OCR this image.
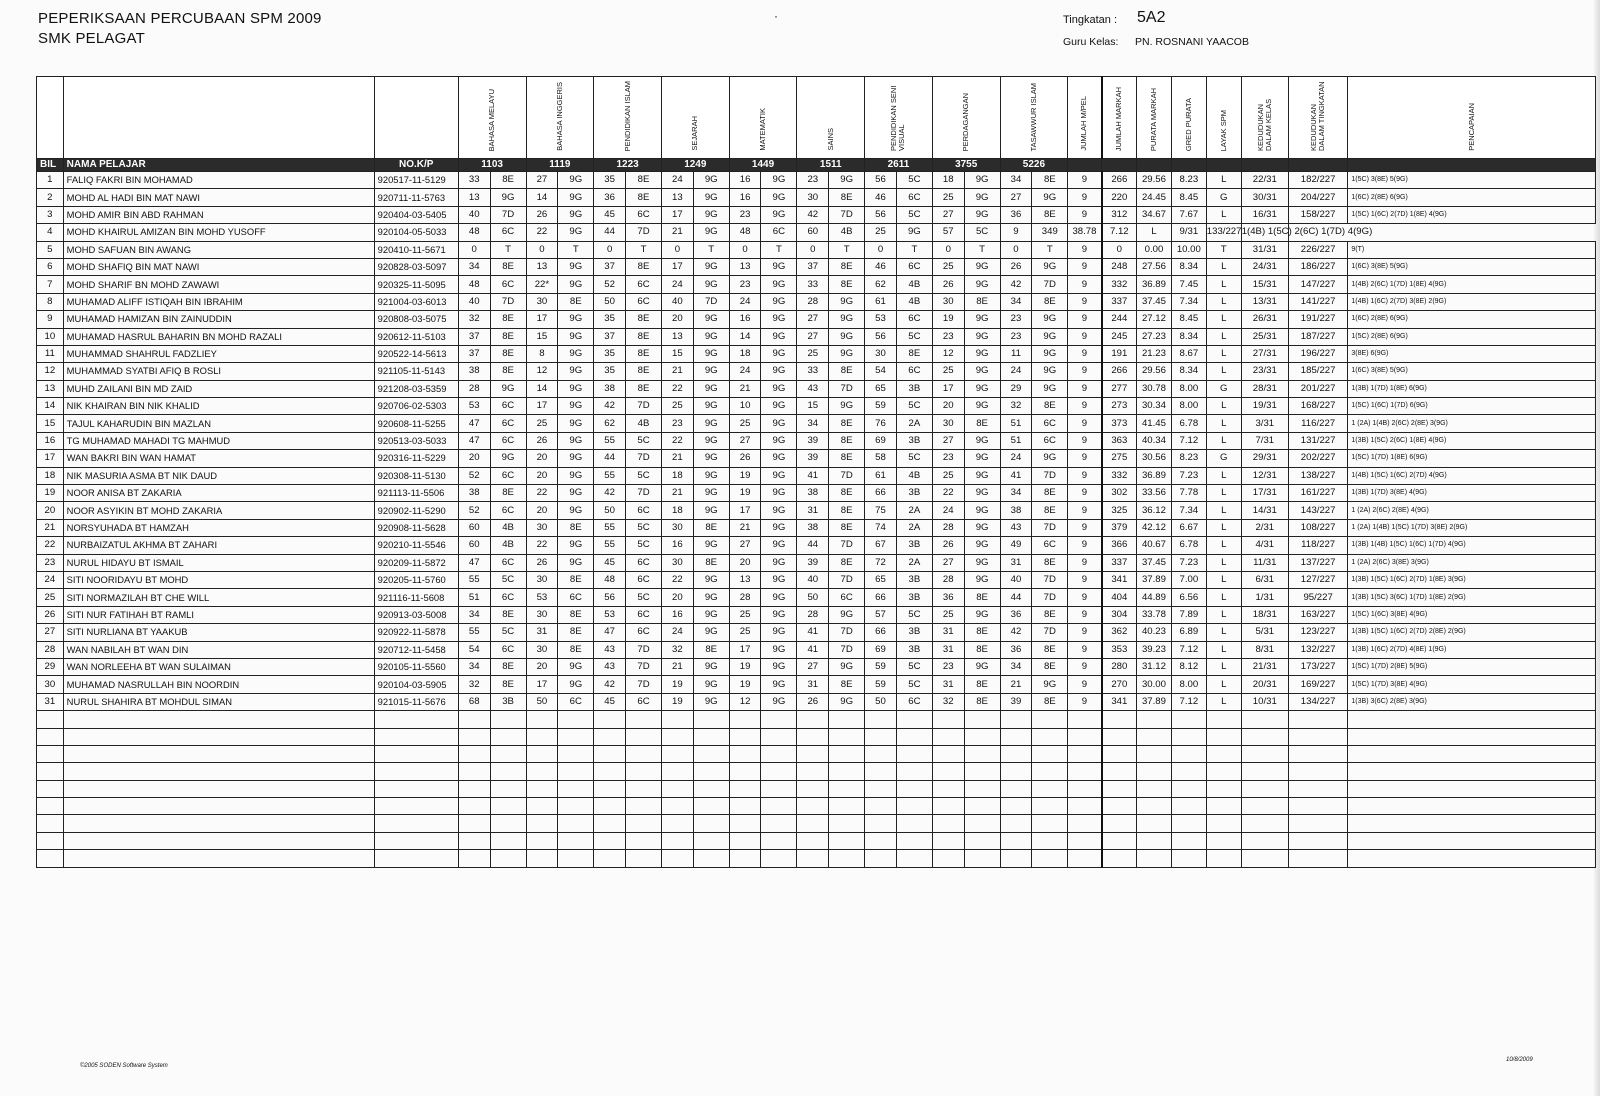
PEPERIKSAAN PERCUBAAN SPM 2009
SMK PELAGAT
·	Tingkatan : 5A2
Guru Kelas: PN. ROSNANI YAACOB
			BAHASA MELAYU		BAHASA INGGERIS		PENDIDIKAN ISLAM		SEJARAH		MATEMATIK		SAINS		PENDIDIKAN SENI VISUAL		PERDAGANGAN		TASAWWUR ISLAM		JUMLAH M/PEL	JUMLAH MARKAH	PURATA MARKAH	GRED PURATA	LAYAK SPM	KEDUDUKAN DALAM KELAS	KEDUDUKAN DALAM TINGKATAN	PENCAPAIAN
BIL	NAMA PELAJAR	NO.K/P	1103		1119		1223		1249		1449		1511		2611		3755		5226									
1	FALIQ FAKRI BIN MOHAMAD	920517-11-5129	33	8E	27	9G	35	8E	24	9G	16	9G	23	9G	56	5C	18	9G	34	8E	9	266	29.56	8.23	L	22/31	182/227	1(5C) 3(8E) 5(9G)
2	MOHD AL HADI BIN MAT NAWI	920711-11-5763	13	9G	14	9G	36	8E	13	9G	16	9G	30	8E	46	6C	25	9G	27	9G	9	220	24.45	8.45	G	30/31	204/227	1(6C) 2(8E) 6(9G)
3	MOHD AMIR BIN ABD RAHMAN	920404-03-5405	40	7D	26	9G	45	6C	17	9G	23	9G	42	7D	56	5C	27	9G	36	8E	9	312	34.67	7.67	L	16/31	158/227	1(5C) 1(6C) 2(7D) 1(8E) 4(9G)
4	MOHD KHAIRUL AMIZAN BIN MOHD YUSOFF	920104-05-5033	48	6C	22	9G	44	7D	21	9G	48	6C	60	4B	25	9G	57	5C	9	349	38.78	7.12	L	9/31	133/227	1(4B) 1(5C) 2(6C) 1(7D) 4(9G)		
5	MOHD SAFUAN BIN AWANG	920410-11-5671	0	T	0	T	0	T	0	T	0	T	0	T	0	T	0	T	0	T	9	0	0.00	10.00	T	31/31	226/227	9(T)
6	MOHD SHAFIQ BIN MAT NAWI	920828-03-5097	34	8E	13	9G	37	8E	17	9G	13	9G	37	8E	46	6C	25	9G	26	9G	9	248	27.56	8.34	L	24/31	186/227	1(6C) 3(8E) 5(9G)
7	MOHD SHARIF BN MOHD ZAWAWI	920325-11-5095	48	6C	22*	9G	52	6C	24	9G	23	9G	33	8E	62	4B	26	9G	42	7D	9	332	36.89	7.45	L	15/31	147/227	1(4B) 2(6C) 1(7D) 1(8E) 4(9G)
8	MUHAMAD ALIFF ISTIQAH BIN IBRAHIM	921004-03-6013	40	7D	30	8E	50	6C	40	7D	24	9G	28	9G	61	4B	30	8E	34	8E	9	337	37.45	7.34	L	13/31	141/227	1(4B) 1(6C) 2(7D) 3(8E) 2(9G)
9	MUHAMAD HAMIZAN BIN ZAINUDDIN	920808-03-5075	32	8E	17	9G	35	8E	20	9G	16	9G	27	9G	53	6C	19	9G	23	9G	9	244	27.12	8.45	L	26/31	191/227	1(6C) 2(8E) 6(9G)
10	MUHAMAD HASRUL BAHARIN BN MOHD RAZALI	920612-11-5103	37	8E	15	9G	37	8E	13	9G	14	9G	27	9G	56	5C	23	9G	23	9G	9	245	27.23	8.34	L	25/31	187/227	1(5C) 2(8E) 6(9G)
11	MUHAMMAD SHAHRUL FADZLIEY	920522-14-5613	37	8E	8	9G	35	8E	15	9G	18	9G	25	9G	30	8E	12	9G	11	9G	9	191	21.23	8.67	L	27/31	196/227	3(8E) 6(9G)
12	MUHAMMAD SYATBI AFIQ B ROSLI	921105-11-5143	38	8E	12	9G	35	8E	21	9G	24	9G	33	8E	54	6C	25	9G	24	9G	9	266	29.56	8.34	L	23/31	185/227	1(6C) 3(8E) 5(9G)
13	MUHD ZAILANI BIN MD ZAID	921208-03-5359	28	9G	14	9G	38	8E	22	9G	21	9G	43	7D	65	3B	17	9G	29	9G	9	277	30.78	8.00	G	28/31	201/227	1(3B) 1(7D) 1(8E) 6(9G)
14	NIK KHAIRAN BIN NIK KHALID	920706-02-5303	53	6C	17	9G	42	7D	25	9G	10	9G	15	9G	59	5C	20	9G	32	8E	9	273	30.34	8.00	L	19/31	168/227	1(5C) 1(6C) 1(7D) 6(9G)
15	TAJUL KAHARUDIN BIN MAZLAN	920608-11-5255	47	6C	25	9G	62	4B	23	9G	25	9G	34	8E	76	2A	30	8E	51	6C	9	373	41.45	6.78	L	3/31	116/227	1 (2A) 1(4B) 2(6C) 2(8E) 3(9G)
16	TG MUHAMAD MAHADI TG MAHMUD	920513-03-5033	47	6C	26	9G	55	5C	22	9G	27	9G	39	8E	69	3B	27	9G	51	6C	9	363	40.34	7.12	L	7/31	131/227	1(3B) 1(5C) 2(6C) 1(8E) 4(9G)
17	WAN BAKRI BIN WAN HAMAT	920316-11-5229	20	9G	20	9G	44	7D	21	9G	26	9G	39	8E	58	5C	23	9G	24	9G	9	275	30.56	8.23	G	29/31	202/227	1(5C) 1(7D) 1(8E) 6(9G)
18	NIK MASURIA ASMA BT NIK DAUD	920308-11-5130	52	6C	20	9G	55	5C	18	9G	19	9G	41	7D	61	4B	25	9G	41	7D	9	332	36.89	7.23	L	12/31	138/227	1(4B) 1(5C) 1(6C) 2(7D) 4(9G)
19	NOOR ANISA BT ZAKARIA	921113-11-5506	38	8E	22	9G	42	7D	21	9G	19	9G	38	8E	66	3B	22	9G	34	8E	9	302	33.56	7.78	L	17/31	161/227	1(3B) 1(7D) 3(8E) 4(9G)
20	NOOR ASYIKIN BT MOHD ZAKARIA	920902-11-5290	52	6C	20	9G	50	6C	18	9G	17	9G	31	8E	75	2A	24	9G	38	8E	9	325	36.12	7.34	L	14/31	143/227	1 (2A) 2(6C) 2(8E) 4(9G)
21	NORSYUHADA BT HAMZAH	920908-11-5628	60	4B	30	8E	55	5C	30	8E	21	9G	38	8E	74	2A	28	9G	43	7D	9	379	42.12	6.67	L	2/31	108/227	1 (2A) 1(4B) 1(5C) 1(7D) 3(8E) 2(9G)
22	NURBAIZATUL AKHMA BT ZAHARI	920210-11-5546	60	4B	22	9G	55	5C	16	9G	27	9G	44	7D	67	3B	26	9G	49	6C	9	366	40.67	6.78	L	4/31	118/227	1(3B) 1(4B) 1(5C) 1(6C) 1(7D) 4(9G)
23	NURUL HIDAYU BT ISMAIL	920209-11-5872	47	6C	26	9G	45	6C	30	8E	20	9G	39	8E	72	2A	27	9G	31	8E	9	337	37.45	7.23	L	11/31	137/227	1 (2A) 2(6C) 3(8E) 3(9G)
24	SITI NOORIDAYU BT MOHD	920205-11-5760	55	5C	30	8E	48	6C	22	9G	13	9G	40	7D	65	3B	28	9G	40	7D	9	341	37.89	7.00	L	6/31	127/227	1(3B) 1(5C) 1(6C) 2(7D) 1(8E) 3(9G)
25	SITI NORMAZILAH BT CHE WILL	921116-11-5608	51	6C	53	6C	56	5C	20	9G	28	9G	50	6C	66	3B	36	8E	44	7D	9	404	44.89	6.56	L	1/31	95/227	1(3B) 1(5C) 3(6C) 1(7D) 1(8E) 2(9G)
26	SITI NUR FATIHAH BT RAMLI	920913-03-5008	34	8E	30	8E	53	6C	16	9G	25	9G	28	9G	57	5C	25	9G	36	8E	9	304	33.78	7.89	L	18/31	163/227	1(5C) 1(6C) 3(8E) 4(9G)
27	SITI NURLIANA BT YAAKUB	920922-11-5878	55	5C	31	8E	47	6C	24	9G	25	9G	41	7D	66	3B	31	8E	42	7D	9	362	40.23	6.89	L	5/31	123/227	1(3B) 1(5C) 1(6C) 2(7D) 2(8E) 2(9G)
28	WAN NABILAH BT WAN DIN	920712-11-5458	54	6C	30	8E	43	7D	32	8E	17	9G	41	7D	69	3B	31	8E	36	8E	9	353	39.23	7.12	L	8/31	132/227	1(3B) 1(6C) 2(7D) 4(8E) 1(9G)
29	WAN NORLEEHA BT WAN SULAIMAN	920105-11-5560	34	8E	20	9G	43	7D	21	9G	19	9G	27	9G	59	5C	23	9G	34	8E	9	280	31.12	8.12	L	21/31	173/227	1(5C) 1(7D) 2(8E) 5(9G)
30	MUHAMAD NASRULLAH BIN NOORDIN	920104-03-5905	32	8E	17	9G	42	7D	19	9G	19	9G	31	8E	59	5C	31	8E	21	9G	9	270	30.00	8.00	L	20/31	169/227	1(5C) 1(7D) 3(8E) 4(9G)
31	NURUL SHAHIRA BT MOHDUL SIMAN	921015-11-5676	68	3B	50	6C	45	6C	19	9G	12	9G	26	9G	50	6C	32	8E	39	8E	9	341	37.89	7.12	L	10/31	134/227	1(3B) 3(6C) 2(8E) 3(9G)

©2005 SODEN Software System
10/8/2009
